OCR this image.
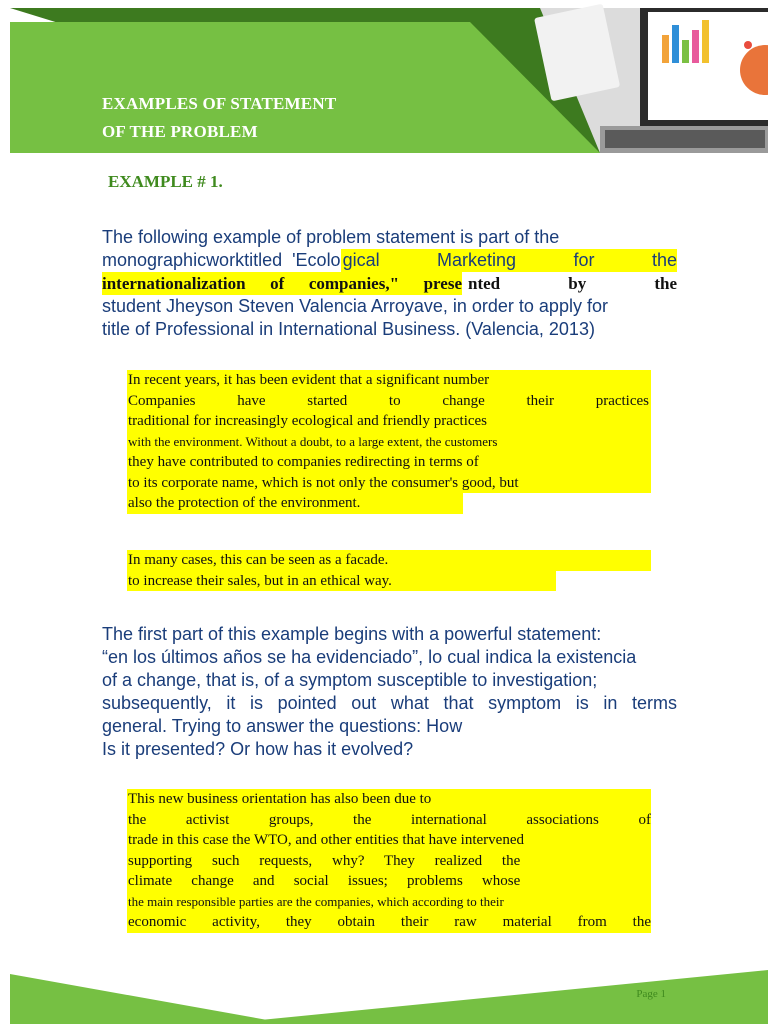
EXAMPLES OF STATEMENT
OF THE PROBLEM
EXAMPLE # 1.
The following example of problem statement is part of the
monographic work titled 'Ecolo gical Marketing for the
internationalization of companies," prese nted by the
student Jheyson Steven Valencia Arroyave, in order to apply for
title of Professional in International Business. (Valencia, 2013)
In recent years, it has been evident that a significant number
Companies have started to change their practices
traditional for increasingly ecological and friendly practices
with the environment. Without a doubt, to a large extent, the customers
they have contributed to companies redirecting in terms of
to its corporate name, which is not only the consumer's good, but
also the protection of the environment.
In many cases, this can be seen as a facade.
to increase their sales, but in an ethical way.
The first part of this example begins with a powerful statement:
“en los últimos años se ha evidenciado”, lo cual indica la existencia
of a change, that is, of a symptom susceptible to investigation;
subsequently, it is pointed out what that symptom is in terms
general. Trying to answer the questions: How
Is it presented? Or how has it evolved?
This new business orientation has also been due to
the activist groups, the international associations of
trade in this case the WTO, and other entities that have intervened
supporting such requests, why? They realized the
climate change and social issues; problems whose
the main responsible parties are the companies, which according to their
economic activity, they obtain their raw material from the
Page 1
